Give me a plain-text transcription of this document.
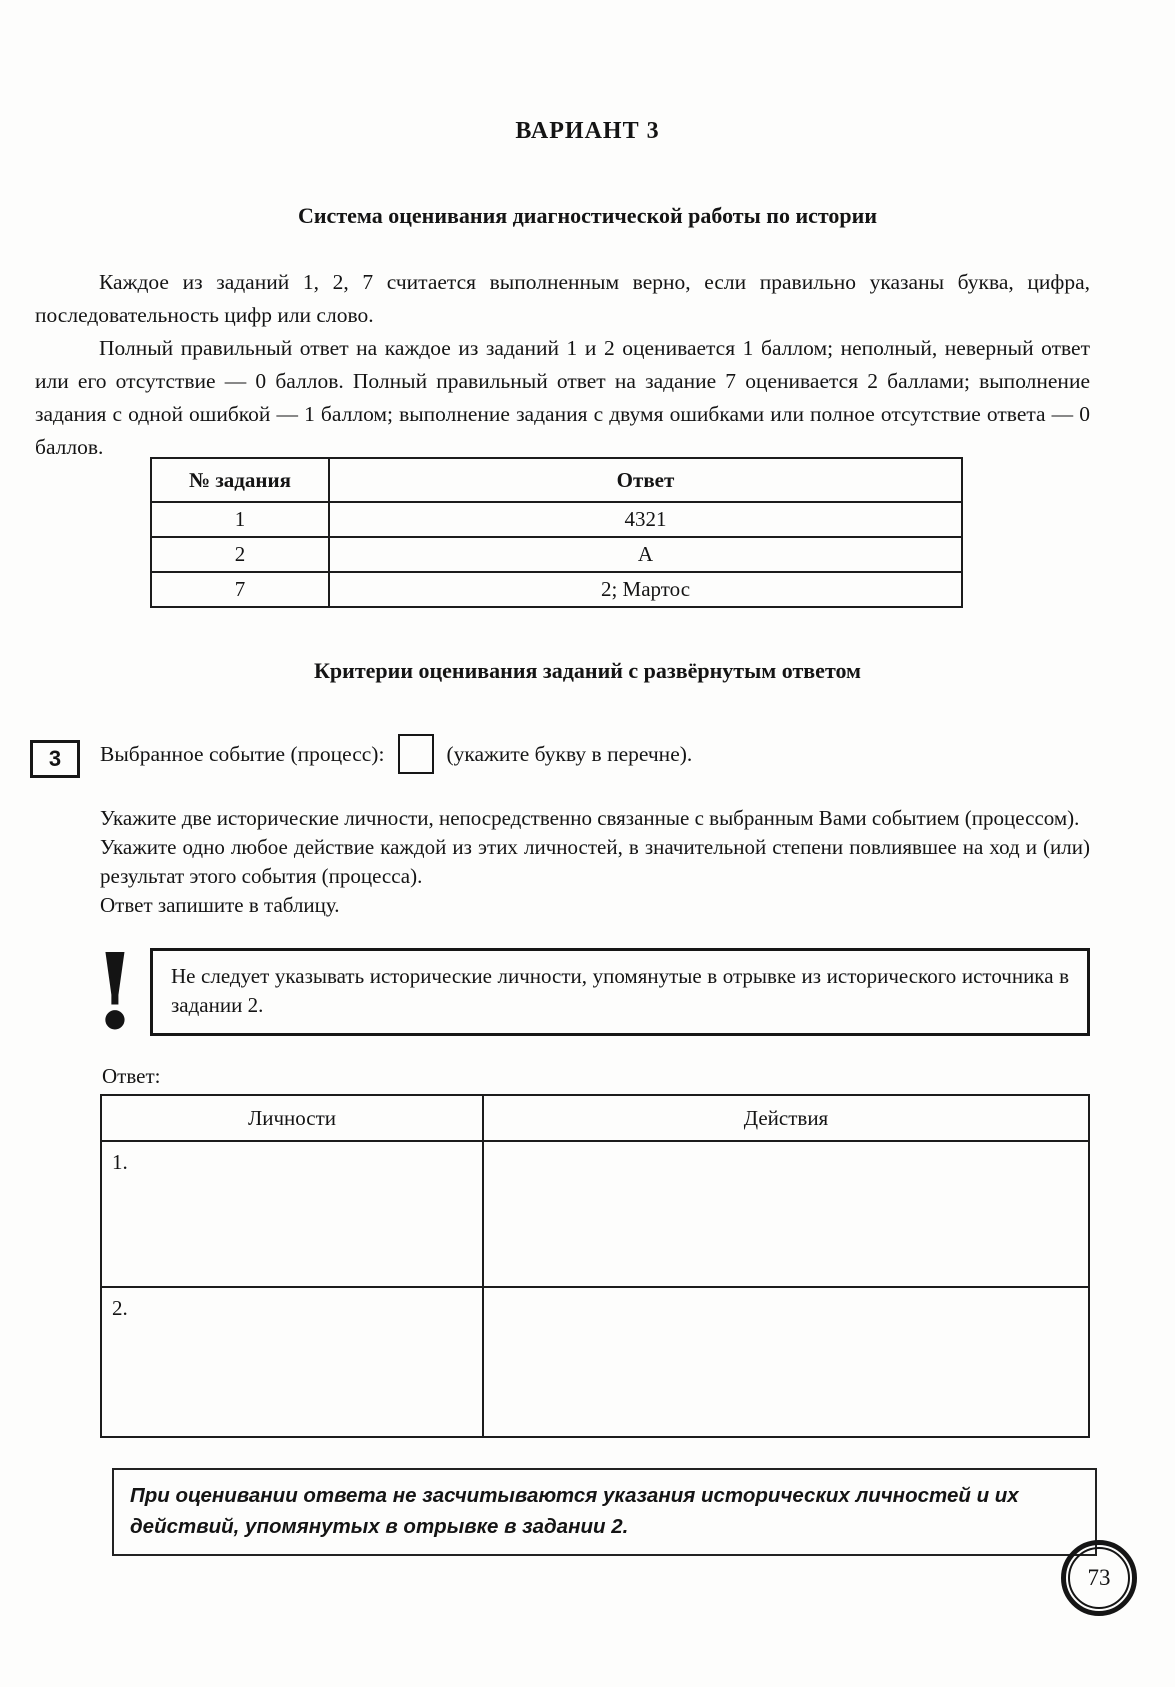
ВАРИАНТ 3
Система оценивания диагностической работы по истории

Каждое из заданий 1, 2, 7 считается выполненным верно, если правильно указаны буква, цифра, последовательность цифр или слово.

Полный правильный ответ на каждое из заданий 1 и 2 оценивается 1 баллом; неполный, неверный ответ или его отсутствие — 0 баллов. Полный правильный ответ на задание 7 оценивается 2 баллами; выполнение задания с одной ошибкой — 1 баллом; выполнение задания с двумя ошибками или полное отсутствие ответа — 0 баллов.

№ задания	Ответ
1	4321
2	А
7	2; Мартос
Критерии оценивания заданий с развёрнутым ответом
3	Выбранное событие (процесс):	(укажите букву в перечне).

Укажите две исторические личности, непосредственно связанные с выбранным Вами событием (процессом).

Укажите одно любое действие каждой из этих личностей, в значительной степени повлиявшее на ход и (или) результат этого события (процесса).

Ответ запишите в таблицу.

!	Не следует указывать исторические личности, упомянутые в отрывке из исторического источника в задании 2.
Ответ:
Личности	Действия
1.	
2.	
При оценивании ответа не засчитываются указания исторических личностей и их действий, упомянутых в отрывке в задании 2.
73
